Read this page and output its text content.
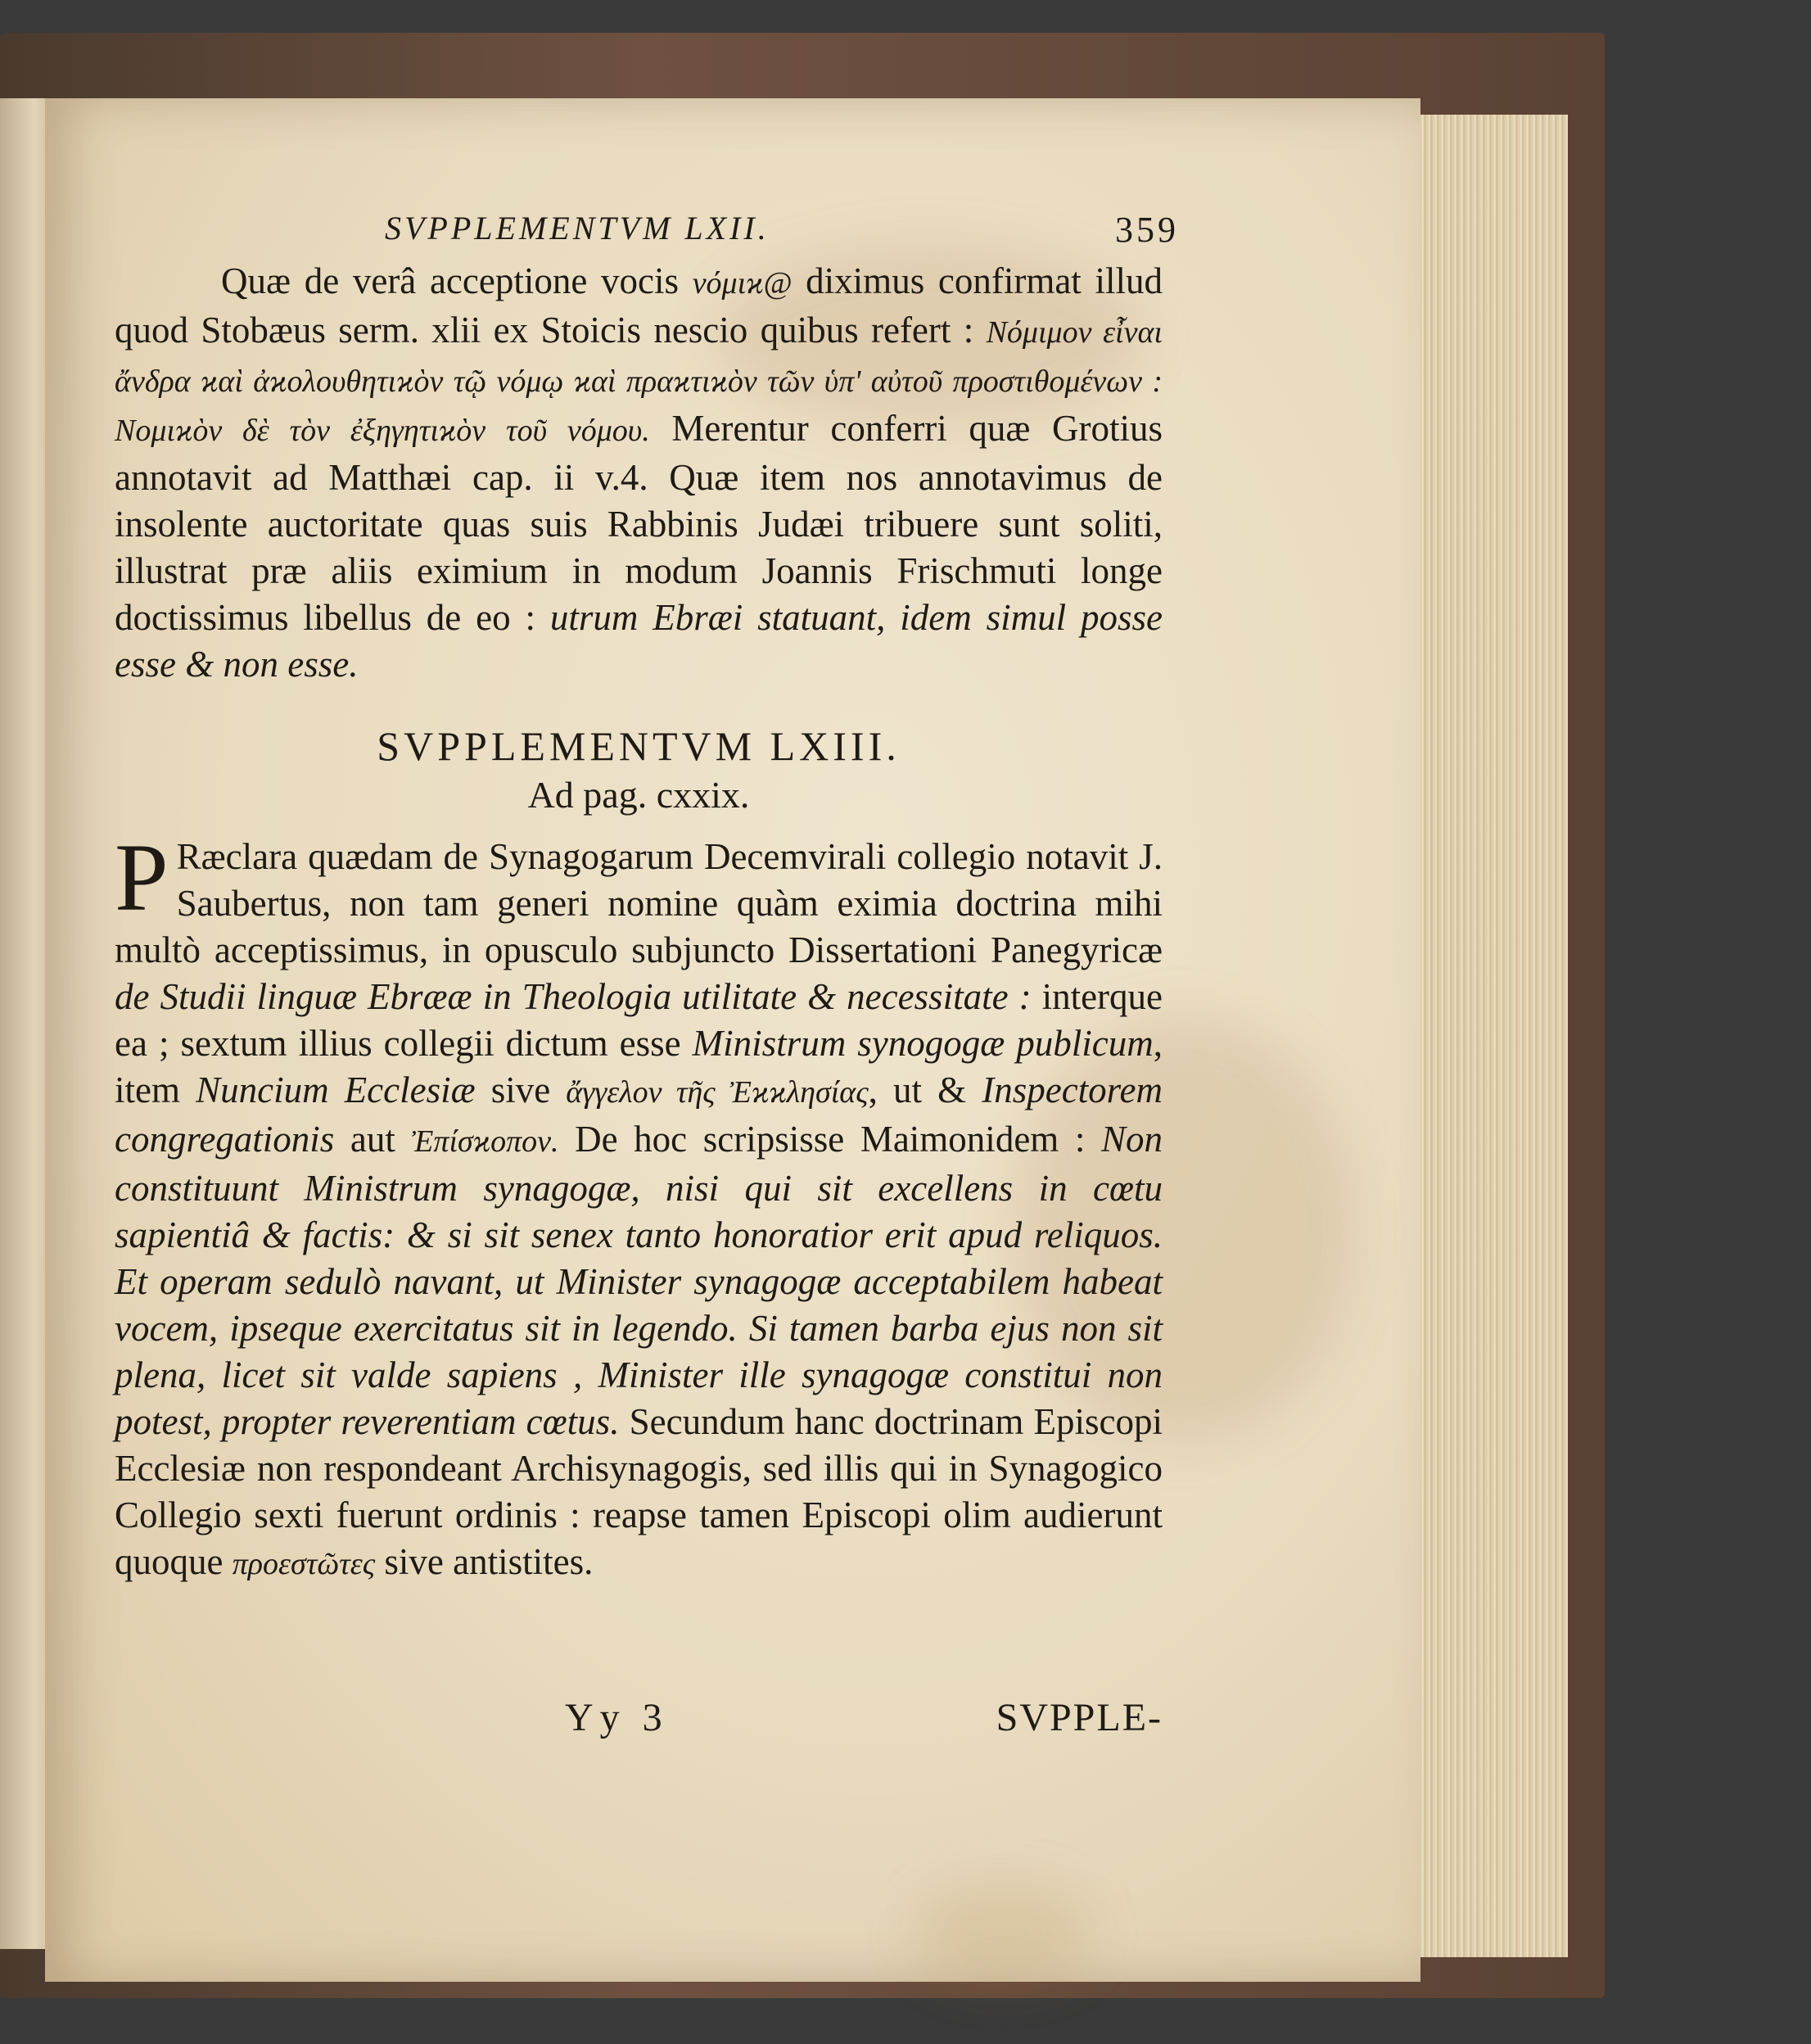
SVPPLEMENTVM LXII.	359

Quæ de verâ acceptione vocis νόμιϰ@ diximus confirmat illud quod Stobæus serm. xlii ex Stoicis nescio quibus refert : Νόμιμον εἶναι ἄνδρα ϰαὶ ἀϰολουθητιϰὸν τῷ νόμῳ ϰαὶ πραϰτιϰὸν τῶν ὑπ' αὐτοῦ προστιθομένων : Νομιϰὸν δὲ τὸν ἐξηγητιϰὸν τοῦ νόμου. Merentur conferri quæ Grotius annotavit ad Matthæi cap. ii v.4. Quæ item nos annotavimus de insolente auctoritate quas suis Rabbinis Judæi tribuere sunt soliti, illustrat præ aliis eximium in modum Joannis Frischmuti longe doctissimus libellus de eo : utrum Ebræi statuant, idem simul posse esse & non esse.

SVPPLEMENTVM LXIII.
Ad pag. cxxix.

P Ræclara quædam de Synagogarum Decemvirali collegio notavit J. Saubertus, non tam generi nomine quàm eximia doctrina mihi multò acceptissimus, in opusculo subjuncto Dissertationi Panegyricæ de Studii linguæ Ebrææ in Theologia utilitate & necessitate : interque ea ; sextum illius collegii dictum esse Ministrum synogogæ publicum, item Nuncium Ecclesiæ sive ἄγγελον τῆς Ἐϰϰλησίας, ut & Inspectorem congregationis aut Ἐπίσϰοπον. De hoc scripsisse Maimonidem : Non constituunt Ministrum synagogæ, nisi qui sit excellens in cœtu sapientiâ & factis: & si sit senex tanto honoratior erit apud reliquos. Et operam sedulò navant, ut Minister synagogæ acceptabilem habeat vocem, ipseque exercitatus sit in legendo. Si tamen barba ejus non sit plena, licet sit valde sapiens , Minister ille synagogæ constitui non potest, propter reverentiam cœtus. Secundum hanc doctrinam Episcopi Ecclesiæ non respondeant Archisynagogis, sed illis qui in Synagogico Collegio sexti fuerunt ordinis : reapse tamen Episcopi olim audierunt quoque προεστῶτες sive antistites.

Yy 3	SVPPLE-
